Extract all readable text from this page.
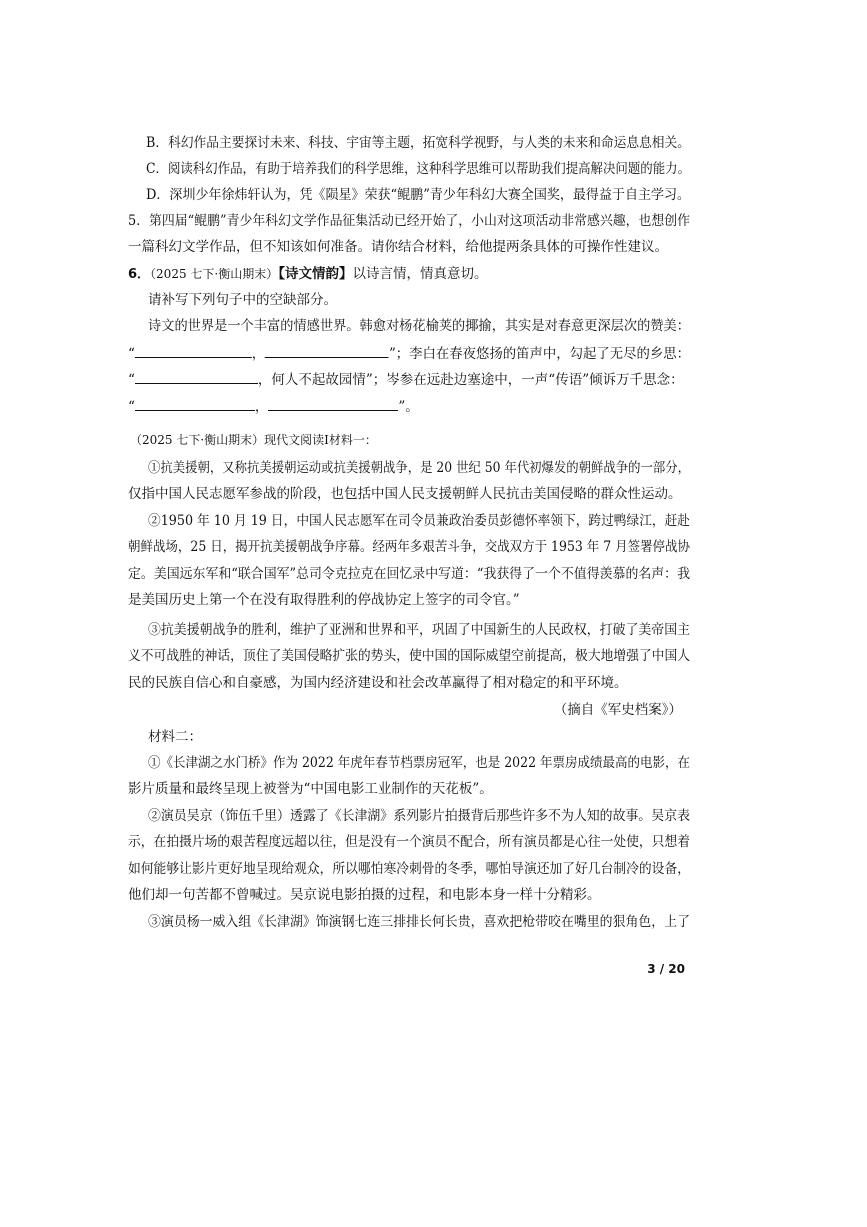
B．科幻作品主要探讨未来、科技、宇宙等主题，拓宽科学视野，与人类的未来和命运息息相关。
C．阅读科幻作品，有助于培养我们的科学思维，这种科学思维可以帮助我们提高解决问题的能力。
D．深圳少年徐炜轩认为，凭《陨星》荣获“鲲鹏”青少年科幻大赛全国奖，最得益于自主学习。
5．第四届“鲲鹏”青少年科幻文学作品征集活动已经开始了，小山对这项活动非常感兴趣，也想创作
一篇科幻文学作品，但不知该如何准备。请你结合材料，给他提两条具体的可操作性建议。
6．（2025 七下·衡山期末）【诗文情韵】以诗言情，情真意切。
请补写下列句子中的空缺部分。
诗文的世界是一个丰富的情感世界。韩愈对杨花榆荚的揶揄，其实是对春意更深层次的赞美：
“	，	”；李白在春夜悠扬的笛声中，勾起了无尽的乡思：
“	，何人不起故园情”；岑参在远赴边塞途中，一声“传语”倾诉万千思念：
“	，	”。
（2025 七下·衡山期末）现代文阅读Ⅰ材料一：
①抗美援朝，又称抗美援朝运动或抗美援朝战争，是 20 世纪 50 年代初爆发的朝鲜战争的一部分，
仅指中国人民志愿军参战的阶段，也包括中国人民支援朝鲜人民抗击美国侵略的群众性运动。
②1950 年 10 月 19 日，中国人民志愿军在司令员兼政治委员彭德怀率领下，跨过鸭绿江，赶赴
朝鲜战场，25 日，揭开抗美援朝战争序幕。经两年多艰苦斗争，交战双方于 1953 年 7 月签署停战协
定。美国远东军和“联合国军”总司令克拉克在回忆录中写道：“我获得了一个不值得羡慕的名声：我
是美国历史上第一个在没有取得胜利的停战协定上签字的司令官。”
③抗美援朝战争的胜利，维护了亚洲和世界和平，巩固了中国新生的人民政权，打破了美帝国主
义不可战胜的神话，顶住了美国侵略扩张的势头，使中国的国际威望空前提高，极大地增强了中国人
民的民族自信心和自豪感，为国内经济建设和社会改革赢得了相对稳定的和平环境。
（摘自《军史档案》）
材料二：
①《长津湖之水门桥》作为 2022 年虎年春节档票房冠军，也是 2022 年票房成绩最高的电影，在
影片质量和最终呈现上被誉为“中国电影工业制作的天花板”。
②演员吴京（饰伍千里）透露了《长津湖》系列影片拍摄背后那些许多不为人知的故事。吴京表
示，在拍摄片场的艰苦程度远超以往，但是没有一个演员不配合，所有演员都是心往一处使，只想着
如何能够让影片更好地呈现给观众，所以哪怕寒冷刺骨的冬季，哪怕导演还加了好几台制冷的设备，
他们却一句苦都不曾喊过。吴京说电影拍摄的过程，和电影本身一样十分精彩。
③演员杨一威入组《长津湖》饰演钢七连三排排长何长贵，喜欢把枪带咬在嘴里的狠角色，上了
3 / 20
